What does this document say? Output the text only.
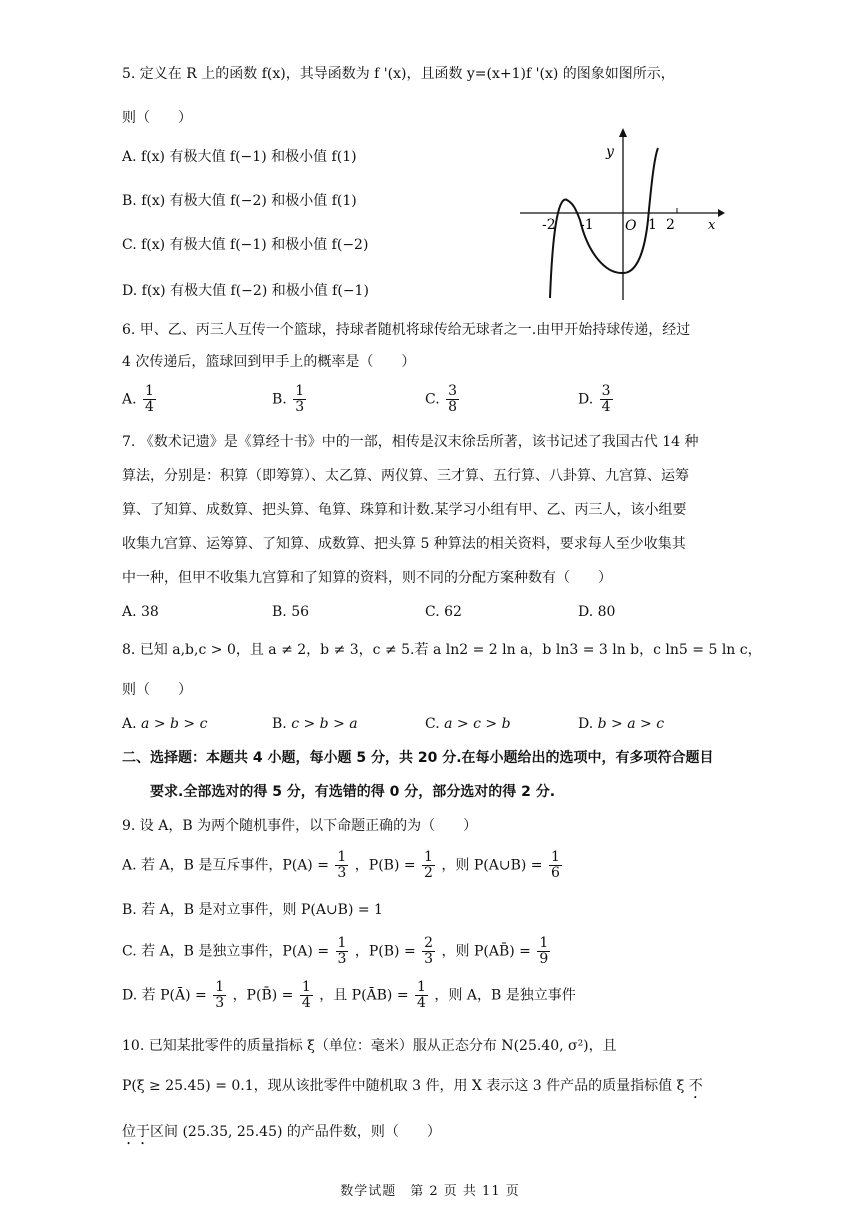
5. 定义在 R 上的函数 f(x)，其导函数为 f '(x)，且函数 y=(x+1)f '(x) 的图象如图所示，
则（　　）
A. f(x) 有极大值 f(−1) 和极小值 f(1)
B. f(x) 有极大值 f(−2) 和极小值 f(1)
C. f(x) 有极大值 f(−1) 和极小值 f(−2)
D. f(x) 有极大值 f(−2) 和极小值 f(−1)
y
x
O
-2 -1	1 2
6. 甲、乙、丙三人互传一个篮球，持球者随机将球传给无球者之一.由甲开始持球传递，经过
4 次传递后，篮球回到甲手上的概率是（　　）
A. $\frac{1}{4}$	B. $\frac{1}{3}$	C. $\frac{3}{8}$	D. $\frac{3}{4}$
7. 《数术记遗》是《算经十书》中的一部，相传是汉末徐岳所著，该书记述了我国古代 14 种
算法，分别是：积算（即筹算）、太乙算、两仪算、三才算、五行算、八卦算、九宫算、运筹
算、了知算、成数算、把头算、龟算、珠算和计数.某学习小组有甲、乙、丙三人，该小组要
收集九宫算、运筹算、了知算、成数算、把头算 5 种算法的相关资料，要求每人至少收集其
中一种，但甲不收集九宫算和了知算的资料，则不同的分配方案种数有（　　）
A. 38	B. 56	C. 62	D. 80
8. 已知 a,b,c > 0，且 a ≠ 2，b ≠ 3，c ≠ 5.若 a ln2 = 2 ln a，b ln3 = 3 ln b，c ln5 = 5 ln c，
则（　　）
A. a > b > c	B. c > b > a	C. a > c > b	D. b > a > c
二、选择题：本题共 4 小题，每小题 5 分，共 20 分.在每小题给出的选项中，有多项符合题目
要求.全部选对的得 5 分，有选错的得 0 分，部分选对的得 2 分.
9. 设 A，B 为两个随机事件，以下命题正确的为（　　）
A. 若 A，B 是互斥事件，$P(A) = \frac{1}{3}$ ，$P(B) = \frac{1}{2}$ ，则 P(A∪B) = $\frac{1}{6}$
B. 若 A，B 是对立事件，则 P(A∪B) = 1
C. 若 A，B 是独立事件，$P(A) = \frac{1}{3}$ ，$P(B) = \frac{2}{3}$ ，则 P(AB̄) = $\frac{1}{9}$
D. 若 P(Ā) = $\frac{1}{3}$ ，P(B̄) = $\frac{1}{4}$ ，且 P(ĀB) = $\frac{1}{4}$ ，则 A，B 是独立事件
10. 已知某批零件的质量指标 ξ（单位：毫米）服从正态分布 N(25.40, σ²)，且
P(ξ ≥ 25.45) = 0.1，现从该批零件中随机取 3 件，用 X 表示这 3 件产品的质量指标值 ξ 不
位于区间 (25.35, 25.45) 的产品件数，则（　　）
数学试题　第 2 页 共 11 页
